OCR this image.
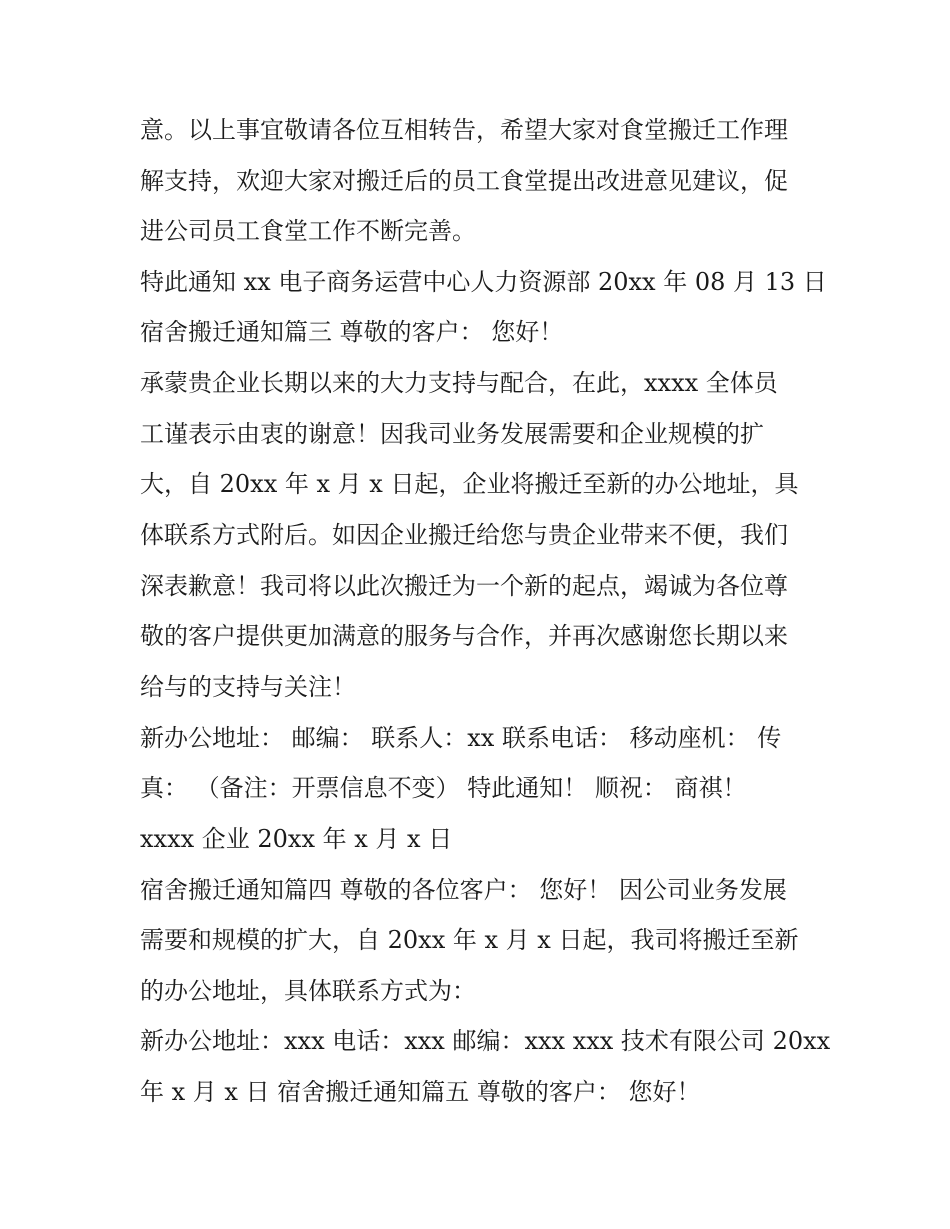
意。以上事宜敬请各位互相转告，希望大家对食堂搬迁工作理
解支持，欢迎大家对搬迁后的员工食堂提出改进意见建议，促
进公司员工食堂工作不断完善。
特此通知 xx 电子商务运营中心人力资源部 20xx 年 08 月 13 日
宿舍搬迁通知篇三 尊敬的客户： 您好！
承蒙贵企业长期以来的大力支持与配合，在此，xxxx 全体员
工谨表示由衷的谢意！因我司业务发展需要和企业规模的扩
大，自 20xx 年 x 月 x 日起，企业将搬迁至新的办公地址，具
体联系方式附后。如因企业搬迁给您与贵企业带来不便，我们
深表歉意！我司将以此次搬迁为一个新的起点，竭诚为各位尊
敬的客户提供更加满意的服务与合作，并再次感谢您长期以来
给与的支持与关注！
新办公地址： 邮编： 联系人：xx 联系电话： 移动座机： 传
真： （备注：开票信息不变） 特此通知！ 顺祝： 商祺！
xxxx 企业 20xx 年 x 月 x 日
宿舍搬迁通知篇四 尊敬的各位客户： 您好！ 因公司业务发展
需要和规模的扩大，自 20xx 年 x 月 x 日起，我司将搬迁至新
的办公地址，具体联系方式为：
新办公地址：xxx 电话：xxx 邮编：xxx xxx 技术有限公司 20xx
年 x 月 x 日 宿舍搬迁通知篇五 尊敬的客户： 您好！
